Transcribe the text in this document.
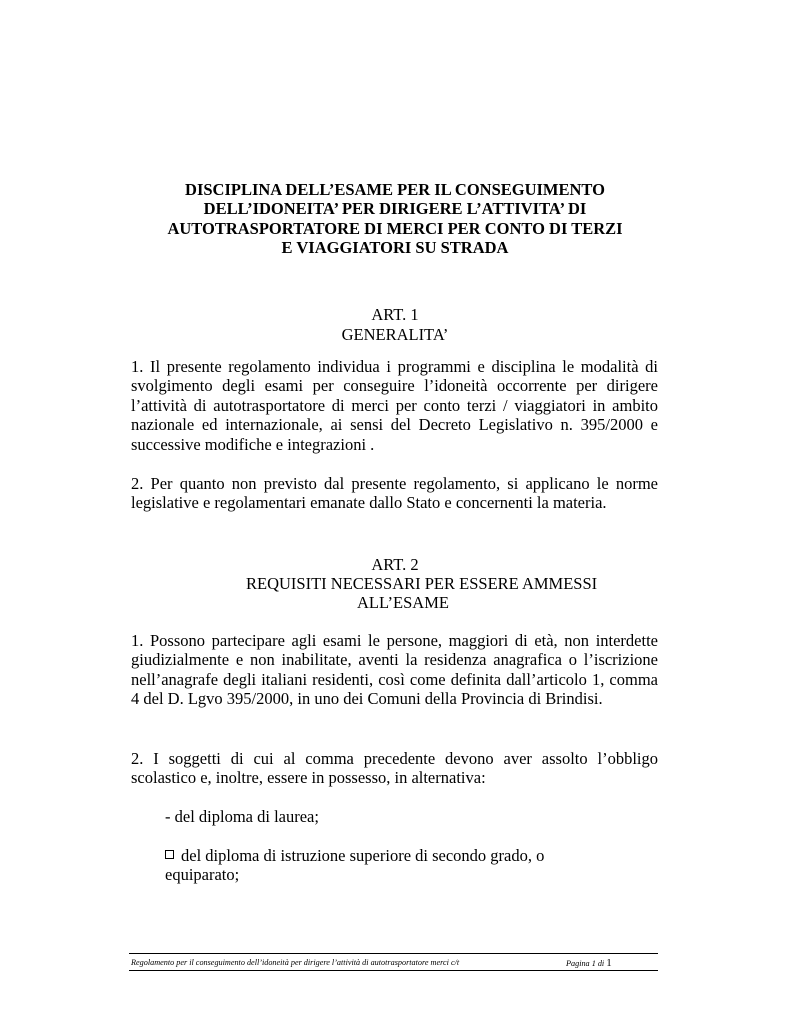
DISCIPLINA DELL’ESAME PER IL CONSEGUIMENTO
DELL’IDONEITA’ PER DIRIGERE L’ATTIVITA’ DI
AUTOTRASPORTATORE DI MERCI PER CONTO DI TERZI
E VIAGGIATORI SU STRADA
ART. 1
GENERALITA’
1. Il presente regolamento individua i programmi e disciplina le modalità di svolgimento degli esami per conseguire l’idoneità occorrente per dirigere l’attività di autotrasportatore di merci per conto terzi / viaggiatori in ambito nazionale ed internazionale, ai sensi del Decreto Legislativo n. 395/2000 e successive modifiche e integrazioni .
2. Per quanto non previsto dal presente regolamento, si applicano le norme legislative e regolamentari emanate dallo Stato e concernenti la materia.
ART. 2
REQUISITI NECESSARI PER ESSERE AMMESSI
ALL’ESAME
1. Possono partecipare agli esami le persone, maggiori di età, non interdette giudizialmente e non inabilitate, aventi la residenza anagrafica o l’iscrizione nell’anagrafe degli italiani residenti, così come definita dall’articolo 1, comma 4 del D. Lgvo 395/2000, in uno dei Comuni della Provincia di Brindisi.
2. I soggetti di cui al comma precedente devono aver assolto l’obbligo scolastico e, inoltre, essere in possesso, in alternativa:
- del diploma di laurea;
del diploma di istruzione superiore di secondo grado, o equiparato;
Regolamento per il conseguimento dell’idoneità per dirigere l’attività di autotrasportatore merci c/t	Pagina 1 di 1
